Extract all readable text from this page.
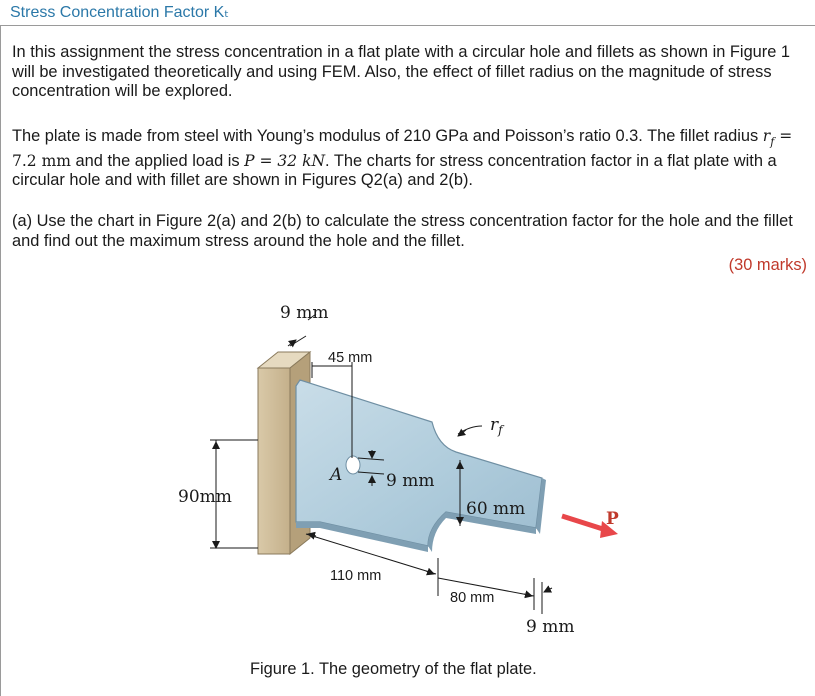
Stress Concentration Factor Kₜ

In this assignment the stress concentration in a flat plate with a circular hole and fillets as shown in Figure 1 will be investigated theoretically and using FEM. Also, the effect of fillet radius on the magnitude of stress concentration will be explored.

The plate is made from steel with Young’s modulus of 210 GPa and Poisson’s ratio 0.3. The fillet radius $r_f = 7.2$ mm and the applied load is P = 32 kN. The charts for stress concentration factor in a flat plate with a circular hole and with fillet are shown in Figures Q2(a) and 2(b).

(a) Use the chart in Figure 2(a) and 2(b) to calculate the stress concentration factor for the hole and the fillet and find out the maximum stress around the hole and the fillet.

(30 marks)
9 mm
45 mm
$r_f$
A	9 mm
90mm
60 mm
110 mm
80 mm
9 mm
P
Figure 1. The geometry of the flat plate.
